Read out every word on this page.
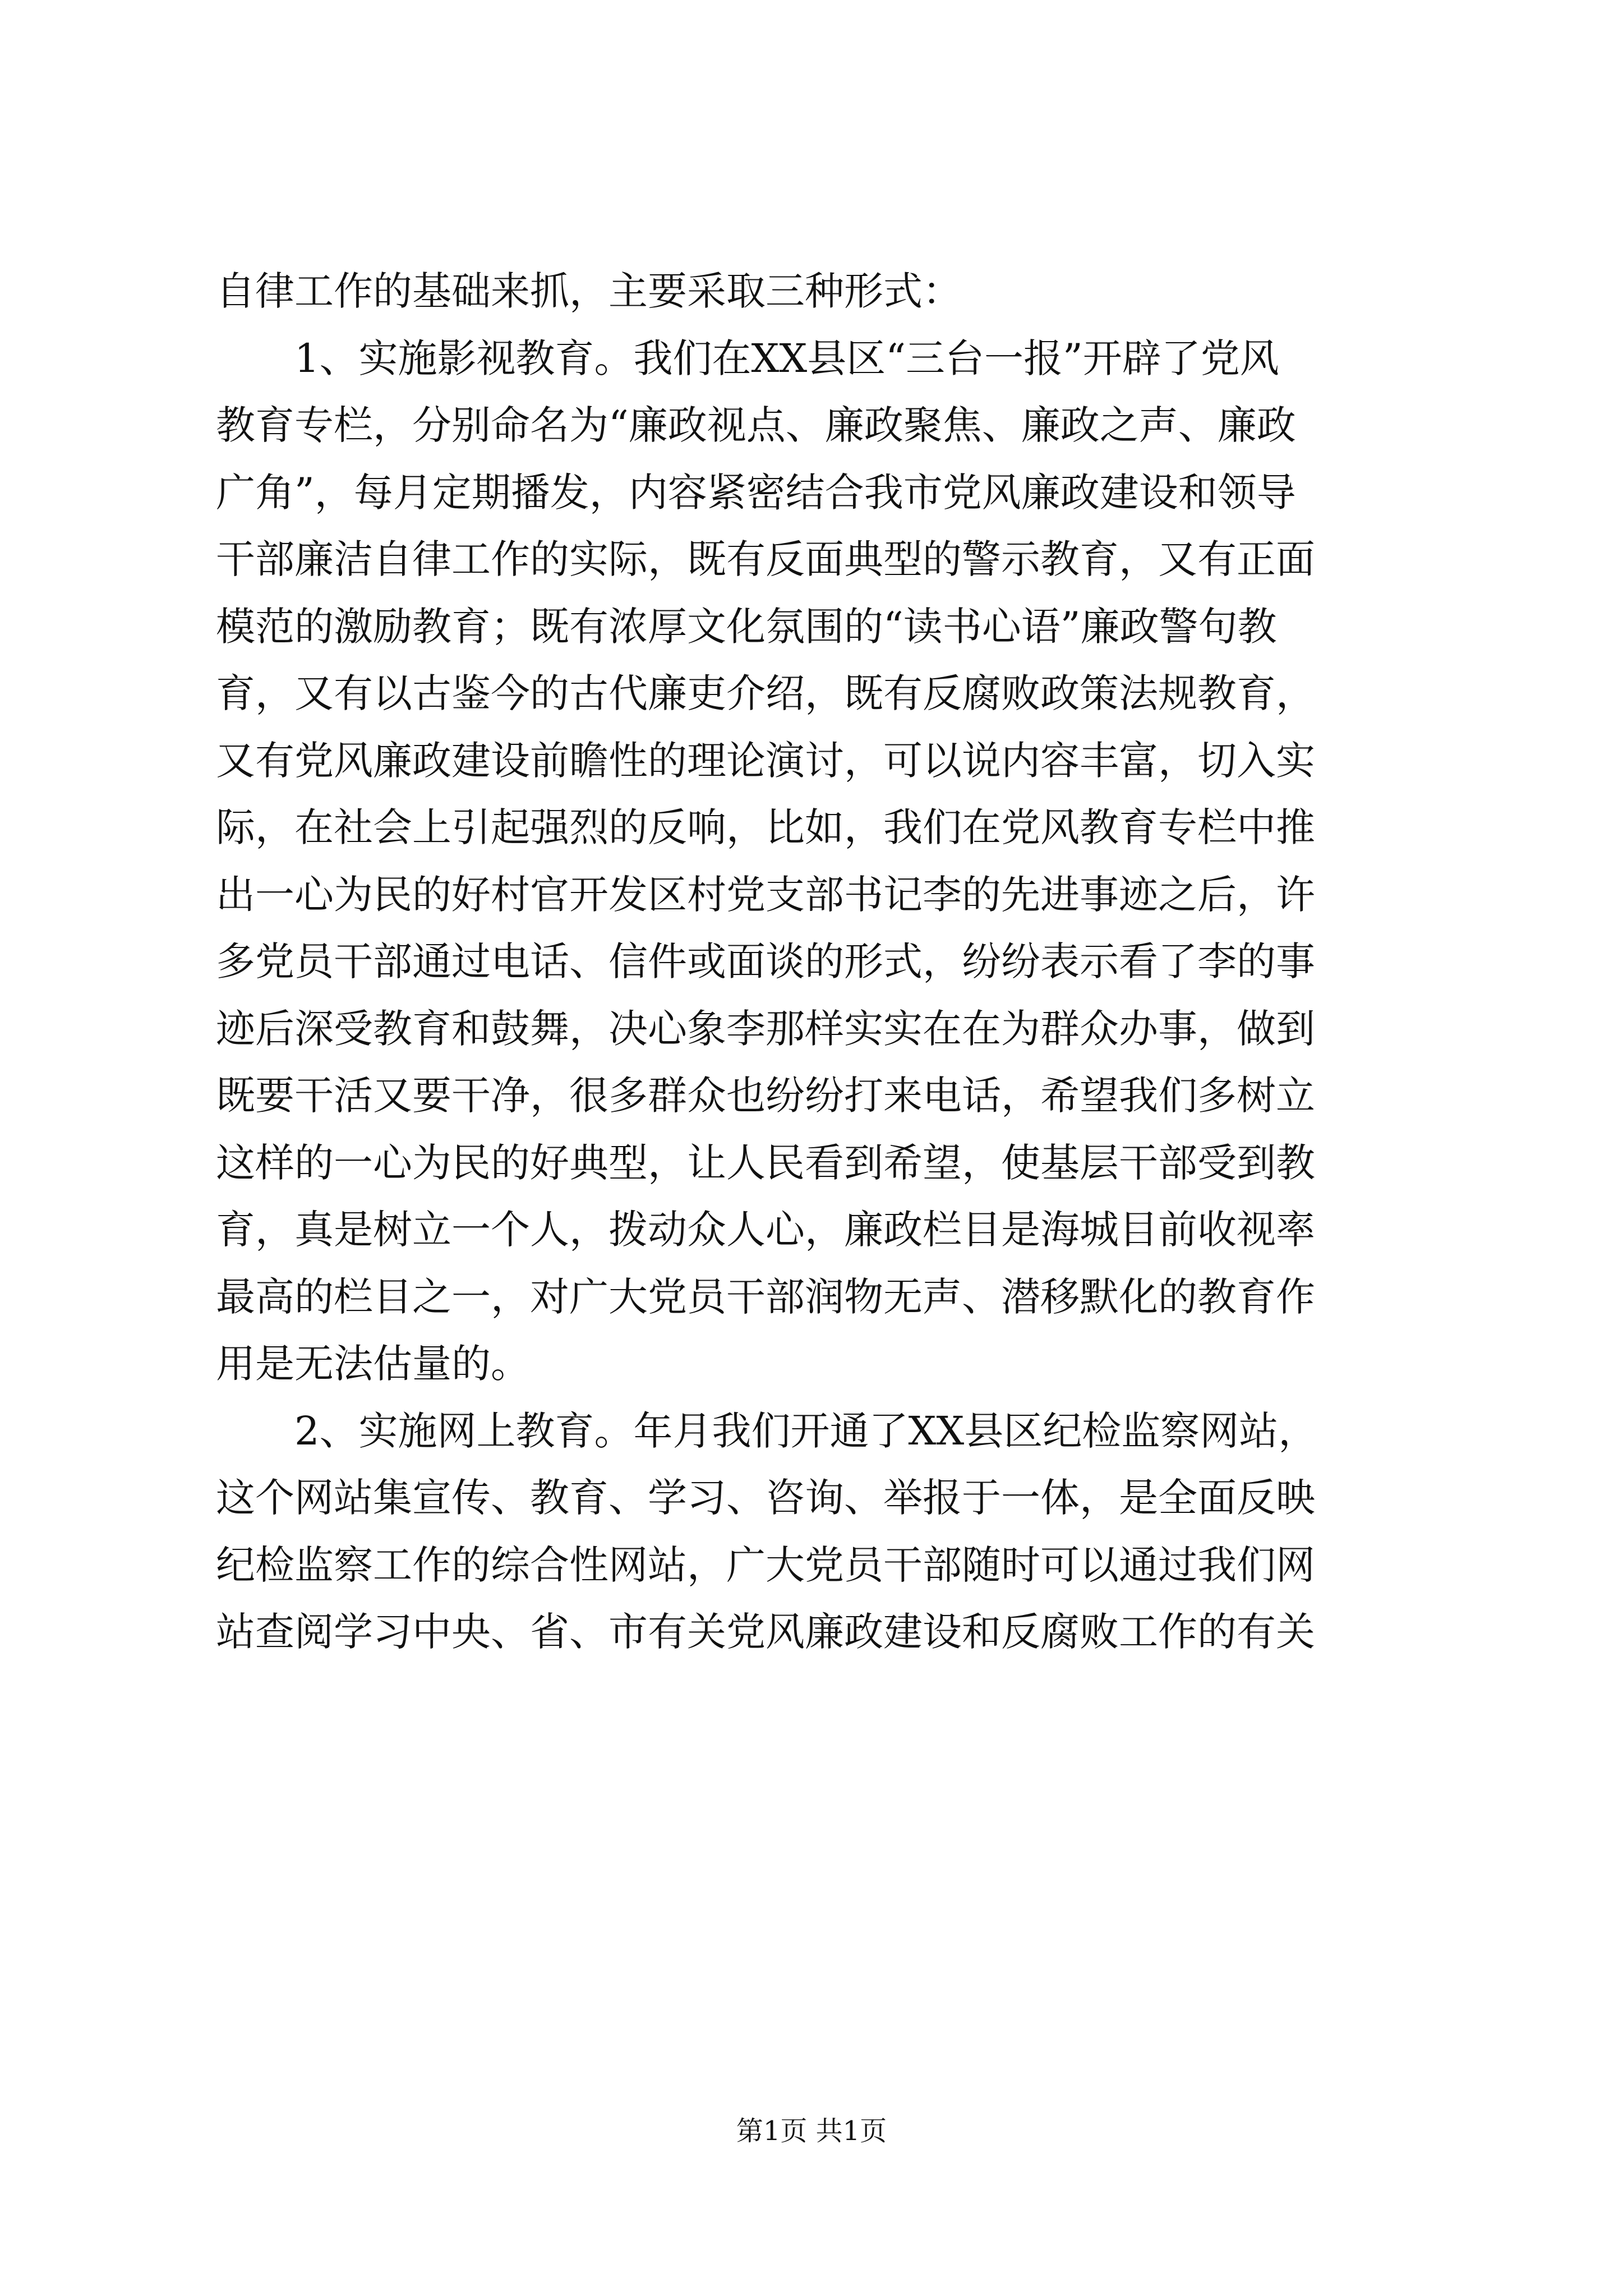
自律工作的基础来抓，主要采取三种形式：
　　1、实施影视教育。我们在XX县区“三台一报”开辟了党风
教育专栏，分别命名为“廉政视点、廉政聚焦、廉政之声、廉政
广角”，每月定期播发，内容紧密结合我市党风廉政建设和领导
干部廉洁自律工作的实际，既有反面典型的警示教育，又有正面
模范的激励教育；既有浓厚文化氛围的“读书心语”廉政警句教
育，又有以古鉴今的古代廉吏介绍，既有反腐败政策法规教育，
又有党风廉政建设前瞻性的理论演讨，可以说内容丰富，切入实
际，在社会上引起强烈的反响，比如，我们在党风教育专栏中推
出一心为民的好村官开发区村党支部书记李的先进事迹之后，许
多党员干部通过电话、信件或面谈的形式，纷纷表示看了李的事
迹后深受教育和鼓舞，决心象李那样实实在在为群众办事，做到
既要干活又要干净，很多群众也纷纷打来电话，希望我们多树立
这样的一心为民的好典型，让人民看到希望，使基层干部受到教
育，真是树立一个人，拨动众人心，廉政栏目是海城目前收视率
最高的栏目之一，对广大党员干部润物无声、潜移默化的教育作
用是无法估量的。
　　2、实施网上教育。年月我们开通了XX县区纪检监察网站，
这个网站集宣传、教育、学习、咨询、举报于一体，是全面反映
纪检监察工作的综合性网站，广大党员干部随时可以通过我们网
站查阅学习中央、省、市有关党风廉政建设和反腐败工作的有关
第1页 共1页
